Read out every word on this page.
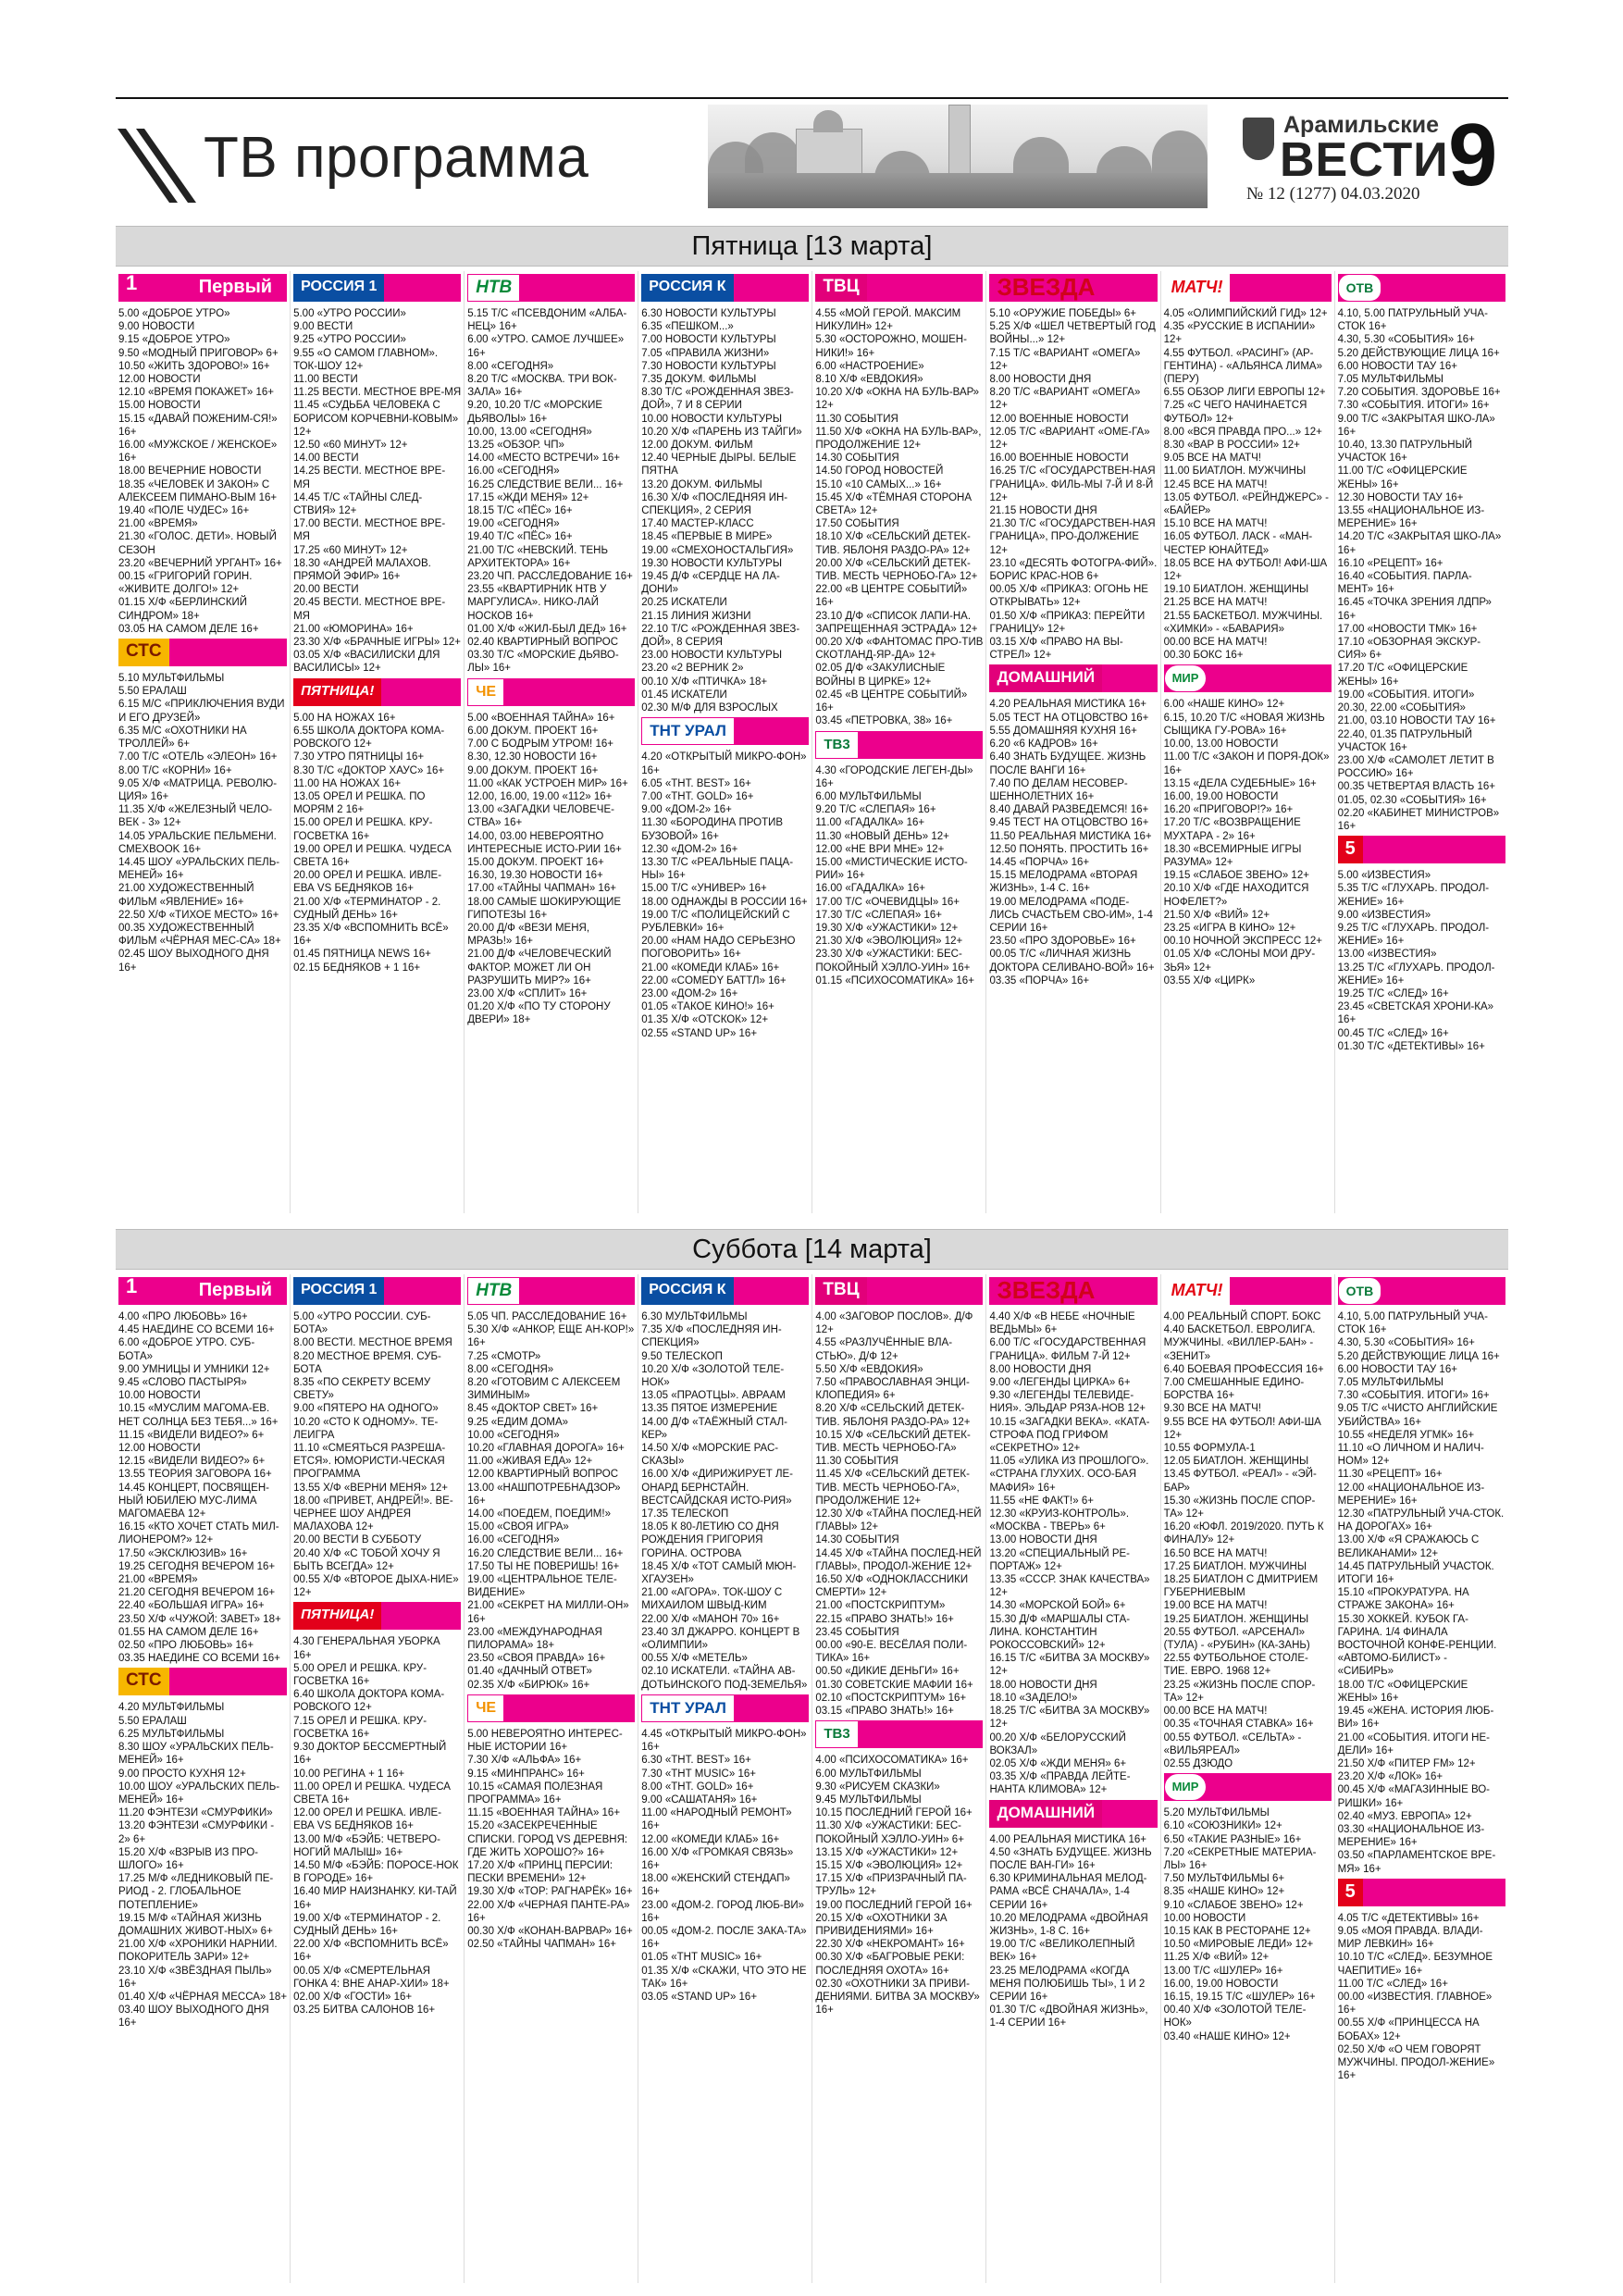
ТВ программа
Арамильские
ВЕСТИ
№ 12 (1277) 04.03.2020 9
Пятница [13 марта]
1	Первый
5.00 «ДОБРОЕ УТРО»
9.00 НОВОСТИ
9.15 «ДОБРОЕ УТРО»
9.50 «МОДНЫЙ ПРИГОВОР» 6+
10.50 «ЖИТЬ ЗДОРОВО!» 16+
12.00 НОВОСТИ
12.10 «ВРЕМЯ ПОКАЖЕТ» 16+
15.00 НОВОСТИ
15.15 «ДАВАЙ ПОЖЕНИМ-СЯ!» 16+
16.00 «МУЖСКОЕ / ЖЕНСКОЕ» 16+
18.00 ВЕЧЕРНИЕ НОВОСТИ
18.35 «ЧЕЛОВЕК И ЗАКОН» С АЛЕКСЕЕМ ПИМАНО-ВЫМ 16+
19.40 «ПОЛЕ ЧУДЕС» 16+
21.00 «ВРЕМЯ»
21.30 «ГОЛОС. ДЕТИ». НОВЫЙ СЕЗОН
23.20 «ВЕЧЕРНИЙ УРГАНТ» 16+
00.15 «ГРИГОРИЙ ГОРИН. «ЖИВИТЕ ДОЛГО!» 12+
01.15 Х/Ф «БЕРЛИНСКИЙ СИНДРОМ» 18+
03.05 НА САМОМ ДЕЛЕ 16+
СТС
5.10 МУЛЬТФИЛЬМЫ
5.50 ЕРАЛАШ
6.15 М/С «ПРИКЛЮЧЕНИЯ ВУДИ И ЕГО ДРУЗЕЙ»
6.35 М/С «ОХОТНИКИ НА ТРОЛЛЕЙ» 6+
7.00 Т/С «ОТЕЛЬ «ЭЛЕОН» 16+
8.00 Т/С «КОРНИ» 16+
9.05 Х/Ф «МАТРИЦА. РЕВОЛЮ-ЦИЯ» 16+
11.35 Х/Ф «ЖЕЛЕЗНЫЙ ЧЕЛО-ВЕК - 3» 12+
14.05 УРАЛЬСКИЕ ПЕЛЬМЕНИ. СМЕХBOOK 16+
14.45 ШОУ «УРАЛЬСКИХ ПЕЛЬ-МЕНЕЙ» 16+
21.00 ХУДОЖЕСТВЕННЫЙ ФИЛЬМ «ЯВЛЕНИЕ» 16+
22.50 Х/Ф «ТИХОЕ МЕСТО» 16+
00.35 ХУДОЖЕСТВЕННЫЙ ФИЛЬМ «ЧЁРНАЯ МЕС-СА» 18+
02.45 ШОУ ВЫХОДНОГО ДНЯ 16+
РОССИЯ 1
5.00 «УТРО РОССИИ»
9.00 ВЕСТИ
9.25 «УТРО РОССИИ»
9.55 «О САМОМ ГЛАВНОМ». ТОК-ШОУ 12+
11.00 ВЕСТИ
11.25 ВЕСТИ. МЕСТНОЕ ВРЕ-МЯ
11.45 «СУДЬБА ЧЕЛОВЕКА С БОРИСОМ КОРЧЕВНИ-КОВЫМ» 12+
12.50 «60 МИНУТ» 12+
14.00 ВЕСТИ
14.25 ВЕСТИ. МЕСТНОЕ ВРЕ-МЯ
14.45 Т/С «ТАЙНЫ СЛЕД-СТВИЯ» 12+
17.00 ВЕСТИ. МЕСТНОЕ ВРЕ-МЯ
17.25 «60 МИНУТ» 12+
18.30 «АНДРЕЙ МАЛАХОВ. ПРЯМОЙ ЭФИР» 16+
20.00 ВЕСТИ
20.45 ВЕСТИ. МЕСТНОЕ ВРЕ-МЯ
21.00 «ЮМОРИНА» 16+
23.30 Х/Ф «БРАЧНЫЕ ИГРЫ» 12+
03.05 Х/Ф «ВАСИЛИСКИ ДЛЯ ВАСИЛИСЫ» 12+
ПЯТНИЦА!
5.00 НА НОЖАХ 16+
6.55 ШКОЛА ДОКТОРА КОМА-РОВСКОГО 12+
7.30 УТРО ПЯТНИЦЫ 16+
8.30 Т/С «ДОКТОР ХАУС» 16+
11.00 НА НОЖАХ 16+
13.05 ОРЕЛ И РЕШКА. ПО МОРЯМ 2 16+
15.00 ОРЕЛ И РЕШКА. КРУ-ГОСВЕТКА 16+
19.00 ОРЕЛ И РЕШКА. ЧУДЕСА СВЕТА 16+
20.00 ОРЕЛ И РЕШКА. ИВЛЕ-ЕВА VS БЕДНЯКОВ 16+
21.00 Х/Ф «ТЕРМИНАТОР - 2. СУДНЫЙ ДЕНЬ» 16+
23.35 Х/Ф «ВСПОМНИТЬ ВСЁ» 16+
01.45 ПЯТНИЦА NEWS 16+
02.15 БЕДНЯКОВ + 1 16+
НТВ
5.15 Т/С «ПСЕВДОНИМ «АЛБА-НЕЦ» 16+
6.00 «УТРО. САМОЕ ЛУЧШЕЕ» 16+
8.00 «СЕГОДНЯ»
8.20 Т/С «МОСКВА. ТРИ ВОК-ЗАЛА» 16+
9.20, 10.20 Т/С «МОРСКИЕ ДЬЯВОЛЫ» 16+
10.00, 13.00 «СЕГОДНЯ»
13.25 «ОБЗОР. ЧП»
14.00 «МЕСТО ВСТРЕЧИ» 16+
16.00 «СЕГОДНЯ»
16.25 СЛЕДСТВИЕ ВЕЛИ... 16+
17.15 «ЖДИ МЕНЯ» 12+
18.15 Т/С «ПЁС» 16+
19.00 «СЕГОДНЯ»
19.40 Т/С «ПЁС» 16+
21.00 Т/С «НЕВСКИЙ. ТЕНЬ АРХИТЕКТОРА» 16+
23.20 ЧП. РАССЛЕДОВАНИЕ 16+
23.55 «КВАРТИРНИК НТВ У МАРГУЛИСА». НИКО-ЛАЙ НОСКОВ 16+
01.00 Х/Ф «ЖИЛ-БЫЛ ДЕД» 16+
02.40 КВАРТИРНЫЙ ВОПРОС
03.30 Т/С «МОРСКИЕ ДЬЯВО-ЛЫ» 16+
ЧЕ
5.00 «ВОЕННАЯ ТАЙНА» 16+
6.00 ДОКУМ. ПРОЕКТ 16+
7.00 С БОДРЫМ УТРОМ! 16+
8.30, 12.30 НОВОСТИ 16+
9.00 ДОКУМ. ПРОЕКТ 16+
11.00 «КАК УСТРОЕН МИР» 16+
12.00, 16.00, 19.00 «112» 16+
13.00 «ЗАГАДКИ ЧЕЛОВЕЧЕ-СТВА» 16+
14.00, 03.00 НЕВЕРОЯТНО ИНТЕРЕСНЫЕ ИСТО-РИИ 16+
15.00 ДОКУМ. ПРОЕКТ 16+
16.30, 19.30 НОВОСТИ 16+
17.00 «ТАЙНЫ ЧАПМАН» 16+
18.00 САМЫЕ ШОКИРУЮЩИЕ ГИПОТЕЗЫ 16+
20.00 Д/Ф «ВЕЗИ МЕНЯ, МРАЗЬ!» 16+
21.00 Д/Ф «ЧЕЛОВЕЧЕСКИЙ ФАКТОР. МОЖЕТ ЛИ ОН РАЗРУШИТЬ МИР?» 16+
23.00 Х/Ф «СПЛИТ» 16+
01.20 Х/Ф «ПО ТУ СТОРОНУ ДВЕРИ» 18+
РОССИЯ К
6.30 НОВОСТИ КУЛЬТУРЫ
6.35 «ПЕШКОМ...»
7.00 НОВОСТИ КУЛЬТУРЫ
7.05 «ПРАВИЛА ЖИЗНИ»
7.30 НОВОСТИ КУЛЬТУРЫ
7.35 ДОКУМ. ФИЛЬМЫ
8.30 Т/С «РОЖДЕННАЯ ЗВЕЗ-ДОЙ», 7 И 8 СЕРИИ
10.00 НОВОСТИ КУЛЬТУРЫ
10.20 Х/Ф «ПАРЕНЬ ИЗ ТАЙГИ»
12.00 ДОКУМ. ФИЛЬМ
12.40 ЧЕРНЫЕ ДЫРЫ. БЕЛЫЕ ПЯТНА
13.20 ДОКУМ. ФИЛЬМЫ
16.30 Х/Ф «ПОСЛЕДНЯЯ ИН-СПЕКЦИЯ», 2 СЕРИЯ
17.40 МАСТЕР-КЛАСС
18.45 «ПЕРВЫЕ В МИРЕ»
19.00 «СМЕХОНОСТАЛЬГИЯ»
19.30 НОВОСТИ КУЛЬТУРЫ
19.45 Д/Ф «СЕРДЦЕ НА ЛА-ДОНИ»
20.25 ИСКАТЕЛИ
21.15 ЛИНИЯ ЖИЗНИ
22.10 Т/С «РОЖДЕННАЯ ЗВЕЗ-ДОЙ», 8 СЕРИЯ
23.00 НОВОСТИ КУЛЬТУРЫ
23.20 «2 ВЕРНИК 2»
00.10 Х/Ф «ПТИЧКА» 18+
01.45 ИСКАТЕЛИ
02.30 М/Ф ДЛЯ ВЗРОСЛЫХ
ТНТ УРАЛ
4.20 «ОТКРЫТЫЙ МИКРО-ФОН» 16+
6.05 «ТНТ. BEST» 16+
7.00 «ТНТ. GOLD» 16+
9.00 «ДОМ-2» 16+
11.30 «БОРОДИНА ПРОТИВ БУЗОВОЙ» 16+
12.30 «ДОМ-2» 16+
13.30 Т/С «РЕАЛЬНЫЕ ПАЦА-НЫ» 16+
15.00 Т/С «УНИВЕР» 16+
18.00 ОДНАЖДЫ В РОССИИ 16+
19.00 Т/С «ПОЛИЦЕЙСКИЙ С РУБЛЕВКИ» 16+
20.00 «НАМ НАДО СЕРЬЕЗНО ПОГОВОРИТЬ» 16+
21.00 «КОМЕДИ КЛАБ» 16+
22.00 «COMEDY БАТТЛ» 16+
23.00 «ДОМ-2» 16+
01.05 «ТАКОЕ КИНО!» 16+
01.35 Х/Ф «ОТСКОК» 12+
02.55 «STAND UP» 16+
ТВЦ
4.55 «МОЙ ГЕРОЙ. МАКСИМ НИКУЛИН» 12+
5.30 «ОСТОРОЖНО, МОШЕН-НИКИ!» 16+
6.00 «НАСТРОЕНИЕ»
8.10 Х/Ф «ЕВДОКИЯ»
10.20 Х/Ф «ОКНА НА БУЛЬ-ВАР» 12+
11.30 СОБЫТИЯ
11.50 Х/Ф «ОКНА НА БУЛЬ-ВАР», ПРОДОЛЖЕНИЕ 12+
14.30 СОБЫТИЯ
14.50 ГОРОД НОВОСТЕЙ
15.10 «10 САМЫХ...» 16+
15.45 Х/Ф «ТЁМНАЯ СТОРОНА СВЕТА» 12+
17.50 СОБЫТИЯ
18.10 Х/Ф «СЕЛЬСКИЙ ДЕТЕК-ТИВ. ЯБЛОНЯ РАЗДО-РА» 12+
20.00 Х/Ф «СЕЛЬСКИЙ ДЕТЕК-ТИВ. МЕСТЬ ЧЕРНОБО-ГА» 12+
22.00 «В ЦЕНТРЕ СОБЫТИЙ» 16+
23.10 Д/Ф «СПИСОК ЛАПИ-НА. ЗАПРЕЩЕННАЯ ЭСТРАДА» 12+
00.20 Х/Ф «ФАНТОМАС ПРО-ТИВ СКОТЛАНД-ЯР-ДА» 12+
02.05 Д/Ф «ЗАКУЛИСНЫЕ ВОЙНЫ В ЦИРКЕ» 12+
02.45 «В ЦЕНТРЕ СОБЫТИЙ» 16+
03.45 «ПЕТРОВКА, 38» 16+
ТВ3
4.30 «ГОРОДСКИЕ ЛЕГЕН-ДЫ» 16+
6.00 МУЛЬТФИЛЬМЫ
9.20 Т/С «СЛЕПАЯ» 16+
11.00 «ГАДАЛКА» 16+
11.30 «НОВЫЙ ДЕНЬ» 12+
12.00 «НЕ ВРИ МНЕ» 12+
15.00 «МИСТИЧЕСКИЕ ИСТО-РИИ» 16+
16.00 «ГАДАЛКА» 16+
17.00 Т/С «ОЧЕВИДЦЫ» 16+
17.30 Т/С «СЛЕПАЯ» 16+
19.30 Х/Ф «УЖАСТИКИ» 12+
21.30 Х/Ф «ЭВОЛЮЦИЯ» 12+
23.30 Х/Ф «УЖАСТИКИ: БЕС-ПОКОЙНЫЙ ХЭЛЛО-УИН» 16+
01.15 «ПСИХОСОМАТИКА» 16+
ЗВЕЗДА
5.10 «ОРУЖИЕ ПОБЕДЫ» 6+
5.25 Х/Ф «ШЕЛ ЧЕТВЕРТЫЙ ГОД ВОЙНЫ...» 12+
7.15 Т/С «ВАРИАНТ «ОМЕГА» 12+
8.00 НОВОСТИ ДНЯ
8.20 Т/С «ВАРИАНТ «ОМЕГА» 12+
12.00 ВОЕННЫЕ НОВОСТИ
12.05 Т/С «ВАРИАНТ «ОМЕ-ГА» 12+
16.00 ВОЕННЫЕ НОВОСТИ
16.25 Т/С «ГОСУДАРСТВЕН-НАЯ ГРАНИЦА». ФИЛЬ-МЫ 7-Й И 8-Й 12+
21.15 НОВОСТИ ДНЯ
21.30 Т/С «ГОСУДАРСТВЕН-НАЯ ГРАНИЦА», ПРО-ДОЛЖЕНИЕ 12+
23.10 «ДЕСЯТЬ ФОТОГРА-ФИЙ». БОРИС КРАС-НОВ 6+
00.05 Х/Ф «ПРИКАЗ: ОГОНЬ НЕ ОТКРЫВАТЬ» 12+
01.50 Х/Ф «ПРИКАЗ: ПЕРЕЙТИ ГРАНИЦУ» 12+
03.15 Х/Ф «ПРАВО НА ВЫ-СТРЕЛ» 12+
ДОМАШНИЙ
4.20 РЕАЛЬНАЯ МИСТИКА 16+
5.05 ТЕСТ НА ОТЦОВСТВО 16+
5.55 ДОМАШНЯЯ КУХНЯ 16+
6.20 «6 КАДРОВ» 16+
6.40 ЗНАТЬ БУДУЩЕЕ. ЖИЗНЬ ПОСЛЕ ВАНГИ 16+
7.40 ПО ДЕЛАМ НЕСОВЕР-ШЕННОЛЕТНИХ 16+
8.40 ДАВАЙ РАЗВЕДЕМСЯ! 16+
9.45 ТЕСТ НА ОТЦОВСТВО 16+
11.50 РЕАЛЬНАЯ МИСТИКА 16+
12.50 ПОНЯТЬ. ПРОСТИТЬ 16+
14.45 «ПОРЧА» 16+
15.15 МЕЛОДРАМА «ВТОРАЯ ЖИЗНЬ», 1-4 С. 16+
19.00 МЕЛОДРАМА «ПОДЕ-ЛИСЬ СЧАСТЬЕМ СВО-ИМ», 1-4 СЕРИИ 16+
23.50 «ПРО ЗДОРОВЬЕ» 16+
00.05 Т/С «ЛИЧНАЯ ЖИЗНЬ ДОКТОРА СЕЛИВАНО-ВОЙ» 16+
03.35 «ПОРЧА» 16+
МАТЧ!
4.05 «ОЛИМПИЙСКИЙ ГИД» 12+
4.35 «РУССКИЕ В ИСПАНИИ» 12+
4.55 ФУТБОЛ. «РАСИНГ» (АР-ГЕНТИНА) - «АЛЬЯНСА ЛИМА» (ПЕРУ)
6.55 ОБЗОР ЛИГИ ЕВРОПЫ 12+
7.25 «С ЧЕГО НАЧИНАЕТСЯ ФУТБОЛ» 12+
8.00 «ВСЯ ПРАВДА ПРО...» 12+
8.30 «ВАР В РОССИИ» 12+
9.05 ВСЕ НА МАТЧ!
11.00 БИАТЛОН. МУЖЧИНЫ
12.45 ВСЕ НА МАТЧ!
13.05 ФУТБОЛ. «РЕЙНДЖЕРС» - «БАЙЕР»
15.10 ВСЕ НА МАТЧ!
16.05 ФУТБОЛ. ЛАСК - «МАН-ЧЕСТЕР ЮНАЙТЕД»
18.05 ВСЕ НА ФУТБОЛ! АФИ-ША 12+
19.10 БИАТЛОН. ЖЕНЩИНЫ
21.25 ВСЕ НА МАТЧ!
21.55 БАСКЕТБОЛ. МУЖЧИНЫ. «ХИМКИ» - «БАВАРИЯ»
00.00 ВСЕ НА МАТЧ!
00.30 БОКС 16+
МИР
6.00 «НАШЕ КИНО» 12+
6.15, 10.20 Т/С «НОВАЯ ЖИЗНЬ СЫЩИКА ГУ-РОВА» 16+
10.00, 13.00 НОВОСТИ
11.00 Т/С «ЗАКОН И ПОРЯ-ДОК» 16+
13.15 «ДЕЛА СУДЕБНЫЕ» 16+
16.00, 19.00 НОВОСТИ
16.20 «ПРИГОВОР!?» 16+
17.20 Т/С «ВОЗВРАЩЕНИЕ МУХТАРА - 2» 16+
18.30 «ВСЕМИРНЫЕ ИГРЫ РАЗУМА» 12+
19.15 «СЛАБОЕ ЗВЕНО» 12+
20.10 Х/Ф «ГДЕ НАХОДИТСЯ НОФЕЛЕТ?»
21.50 Х/Ф «ВИЙ» 12+
23.25 «ИГРА В КИНО» 12+
00.10 НОЧНОЙ ЭКСПРЕСС 12+
01.05 Х/Ф «СЛОНЫ МОИ ДРУ-ЗЬЯ» 12+
03.55 Х/Ф «ЦИРК»
ОТВ
4.10, 5.00 ПАТРУЛЬНЫЙ УЧА-СТОК 16+
4.30, 5.30 «СОБЫТИЯ» 16+
5.20 ДЕЙСТВУЮЩИЕ ЛИЦА 16+
6.00 НОВОСТИ ТАУ 16+
7.05 МУЛЬТФИЛЬМЫ
7.20 СОБЫТИЯ. ЗДОРОВЬЕ 16+
7.30 «СОБЫТИЯ. ИТОГИ» 16+
9.00 Т/С «ЗАКРЫТАЯ ШКО-ЛА» 16+
10.40, 13.30 ПАТРУЛЬНЫЙ УЧАСТОК 16+
11.00 Т/С «ОФИЦЕРСКИЕ ЖЕНЫ» 16+
12.30 НОВОСТИ ТАУ 16+
13.55 «НАЦИОНАЛЬНОЕ ИЗ-МЕРЕНИЕ» 16+
14.20 Т/С «ЗАКРЫТАЯ ШКО-ЛА» 16+
16.10 «РЕЦЕПТ» 16+
16.40 «СОБЫТИЯ. ПАРЛА-МЕНТ» 16+
16.45 «ТОЧКА ЗРЕНИЯ ЛДПР» 16+
17.00 «НОВОСТИ ТМК» 16+
17.10 «ОБЗОРНАЯ ЭКСКУР-СИЯ» 6+
17.20 Т/С «ОФИЦЕРСКИЕ ЖЕНЫ» 16+
19.00 «СОБЫТИЯ. ИТОГИ»
20.30, 22.00 «СОБЫТИЯ»
21.00, 03.10 НОВОСТИ ТАУ 16+
22.40, 01.35 ПАТРУЛЬНЫЙ УЧАСТОК 16+
23.00 Х/Ф «САМОЛЕТ ЛЕТИТ В РОССИЮ» 16+
00.35 ЧЕТВЕРТАЯ ВЛАСТЬ 16+
01.05, 02.30 «СОБЫТИЯ» 16+
02.20 «КАБИНЕТ МИНИСТРОВ» 16+
5
5.00 «ИЗВЕСТИЯ»
5.35 Т/С «ГЛУХАРЬ. ПРОДОЛ-ЖЕНИЕ» 16+
9.00 «ИЗВЕСТИЯ»
9.25 Т/С «ГЛУХАРЬ. ПРОДОЛ-ЖЕНИЕ» 16+
13.00 «ИЗВЕСТИЯ»
13.25 Т/С «ГЛУХАРЬ. ПРОДОЛ-ЖЕНИЕ» 16+
19.25 Т/С «СЛЕД» 16+
23.45 «СВЕТСКАЯ ХРОНИ-КА» 16+
00.45 Т/С «СЛЕД» 16+
01.30 Т/С «ДЕТЕКТИВЫ» 16+
Суббота [14 марта]
1	Первый
4.00 «ПРО ЛЮБОВЬ» 16+
4.45 НАЕДИНЕ СО ВСЕМИ 16+
6.00 «ДОБРОЕ УТРО. СУБ-БОТА»
9.00 УМНИЦЫ И УМНИКИ 12+
9.45 «СЛОВО ПАСТЫРЯ»
10.00 НОВОСТИ
10.15 «МУСЛИМ МАГОМА-ЕВ. НЕТ СОЛНЦА БЕЗ ТЕБЯ...» 16+
11.15 «ВИДЕЛИ ВИДЕО?» 6+
12.00 НОВОСТИ
12.15 «ВИДЕЛИ ВИДЕО?» 6+
13.55 ТЕОРИЯ ЗАГОВОРА 16+
14.45 КОНЦЕРТ, ПОСВЯЩЕН-НЫЙ ЮБИЛЕЮ МУС-ЛИМА МАГОМАЕВА 12+
16.15 «КТО ХОЧЕТ СТАТЬ МИЛ-ЛИОНЕРОМ?» 12+
17.50 «ЭКСКЛЮЗИВ» 16+
19.25 СЕГОДНЯ ВЕЧЕРОМ 16+
21.00 «ВРЕМЯ»
21.20 СЕГОДНЯ ВЕЧЕРОМ 16+
22.40 «БОЛЬШАЯ ИГРА» 16+
23.50 Х/Ф «ЧУЖОЙ: ЗАВЕТ» 18+
01.55 НА САМОМ ДЕЛЕ 16+
02.50 «ПРО ЛЮБОВЬ» 16+
03.35 НАЕДИНЕ СО ВСЕМИ 16+
СТС
4.20 МУЛЬТФИЛЬМЫ
5.50 ЕРАЛАШ
6.25 МУЛЬТФИЛЬМЫ
8.30 ШОУ «УРАЛЬСКИХ ПЕЛЬ-МЕНЕЙ» 16+
9.00 ПРОСТО КУХНЯ 12+
10.00 ШОУ «УРАЛЬСКИХ ПЕЛЬ-МЕНЕЙ» 16+
11.20 ФЭНТЕЗИ «СМУРФИКИ»
13.20 ФЭНТЕЗИ «СМУРФИКИ - 2» 6+
15.20 Х/Ф «ВЗРЫВ ИЗ ПРО-ШЛОГО» 16+
17.25 М/Ф «ЛЕДНИКОВЫЙ ПЕ-РИОД - 2. ГЛОБАЛЬНОЕ ПОТЕПЛЕНИЕ»
19.15 М/Ф «ТАЙНАЯ ЖИЗНЬ ДОМАШНИХ ЖИВОТ-НЫХ» 6+
21.00 Х/Ф «ХРОНИКИ НАРНИИ. ПОКОРИТЕЛЬ ЗАРИ» 12+
23.10 Х/Ф «ЗВЁЗДНАЯ ПЫЛЬ» 16+
01.40 Х/Ф «ЧЁРНАЯ МЕССА» 18+
03.40 ШОУ ВЫХОДНОГО ДНЯ 16+
РОССИЯ 1
5.00 «УТРО РОССИИ. СУБ-БОТА»
8.00 ВЕСТИ. МЕСТНОЕ ВРЕМЯ
8.20 МЕСТНОЕ ВРЕМЯ. СУБ-БОТА
8.35 «ПО СЕКРЕТУ ВСЕМУ СВЕТУ»
9.00 «ПЯТЕРО НА ОДНОГО»
10.20 «СТО К ОДНОМУ». ТЕ-ЛЕИГРА
11.10 «СМЕЯТЬСЯ РАЗРЕША-ЕТСЯ». ЮМОРИСТИ-ЧЕСКАЯ ПРОГРАММА
13.55 Х/Ф «ВЕРНИ МЕНЯ» 12+
18.00 «ПРИВЕТ, АНДРЕЙ!». ВЕ-ЧЕРНЕЕ ШОУ АНДРЕЯ МАЛАХОВА 12+
20.00 ВЕСТИ В СУББОТУ
20.40 Х/Ф «С ТОБОЙ ХОЧУ Я БЫТЬ ВСЕГДА» 12+
00.55 Х/Ф «ВТОРОЕ ДЫХА-НИЕ» 12+
ПЯТНИЦА!
4.30 ГЕНЕРАЛЬНАЯ УБОРКА 16+
5.00 ОРЕЛ И РЕШКА. КРУ-ГОСВЕТКА 16+
6.40 ШКОЛА ДОКТОРА КОМА-РОВСКОГО 12+
7.15 ОРЕЛ И РЕШКА. КРУ-ГОСВЕТКА 16+
9.30 ДОКТОР БЕССМЕРТНЫЙ 16+
10.00 РЕГИНА + 1 16+
11.00 ОРЕЛ И РЕШКА. ЧУДЕСА СВЕТА 16+
12.00 ОРЕЛ И РЕШКА. ИВЛЕ-ЕВА VS БЕДНЯКОВ 16+
13.00 М/Ф «БЭЙБ: ЧЕТВЕРО-НОГИЙ МАЛЫШ» 16+
14.50 М/Ф «БЭЙБ: ПОРОСЕ-НОК В ГОРОДЕ» 16+
16.40 МИР НАИЗНАНКУ. КИ-ТАЙ 16+
19.00 Х/Ф «ТЕРМИНАТОР - 2. СУДНЫЙ ДЕНЬ» 16+
22.00 Х/Ф «ВСПОМНИТЬ ВСЁ» 16+
00.05 Х/Ф «СМЕРТЕЛЬНАЯ ГОНКА 4: ВНЕ АНАР-ХИИ» 18+
02.00 Х/Ф «ГОСТИ» 16+
03.25 БИТВА САЛОНОВ 16+
НТВ
5.05 ЧП. РАССЛЕДОВАНИЕ 16+
5.30 Х/Ф «АНКОР, ЕЩЕ АН-КОР!» 16+
7.25 «СМОТР»
8.00 «СЕГОДНЯ»
8.20 «ГОТОВИМ С АЛЕКСЕЕМ ЗИМИНЫМ»
8.45 «ДОКТОР СВЕТ» 16+
9.25 «ЕДИМ ДОМА»
10.00 «СЕГОДНЯ»
10.20 «ГЛАВНАЯ ДОРОГА» 16+
11.00 «ЖИВАЯ ЕДА» 12+
12.00 КВАРТИРНЫЙ ВОПРОС
13.00 «НАШПОТРЕБНАДЗОР» 16+
14.00 «ПОЕДЕМ, ПОЕДИМ!»
15.00 «СВОЯ ИГРА»
16.00 «СЕГОДНЯ»
16.20 СЛЕДСТВИЕ ВЕЛИ... 16+
17.50 ТЫ НЕ ПОВЕРИШЬ! 16+
19.00 «ЦЕНТРАЛЬНОЕ ТЕЛЕ-ВИДЕНИЕ»
21.00 «СЕКРЕТ НА МИЛЛИ-ОН» 16+
23.00 «МЕЖДУНАРОДНАЯ ПИЛОРАМА» 18+
23.50 «СВОЯ ПРАВДА» 16+
01.40 «ДАЧНЫЙ ОТВЕТ»
02.35 Х/Ф «БИРЮК» 16+
ЧЕ
5.00 НЕВЕРОЯТНО ИНТЕРЕС-НЫЕ ИСТОРИИ 16+
7.30 Х/Ф «АЛЬФА» 16+
9.15 «МИНПРАНС» 16+
10.15 «САМАЯ ПОЛЕЗНАЯ ПРОГРАММА» 16+
11.15 «ВОЕННАЯ ТАЙНА» 16+
15.20 «ЗАСЕКРЕЧЕННЫЕ СПИСКИ. ГОРОД VS ДЕРЕВНЯ: ГДЕ ЖИТЬ ХОРОШО?» 16+
17.20 Х/Ф «ПРИНЦ ПЕРСИИ: ПЕСКИ ВРЕМЕНИ» 12+
19.30 Х/Ф «ТОР: РАГНАРЁК» 16+
22.00 Х/Ф «ЧЕРНАЯ ПАНТЕ-РА» 16+
00.30 Х/Ф «КОНАН-ВАРВАР» 16+
02.50 «ТАЙНЫ ЧАПМАН» 16+
РОССИЯ К
6.30 МУЛЬТФИЛЬМЫ
7.35 Х/Ф «ПОСЛЕДНЯЯ ИН-СПЕКЦИЯ»
9.50 ТЕЛЕСКОП
10.20 Х/Ф «ЗОЛОТОЙ ТЕЛЕ-НОК»
13.05 «ПРАОТЦЫ». АВРААМ
13.35 ПЯТОЕ ИЗМЕРЕНИЕ
14.00 Д/Ф «ТАЁЖНЫЙ СТАЛ-КЕР»
14.50 Х/Ф «МОРСКИЕ РАС-СКАЗЫ»
16.00 Х/Ф «ДИРИЖИРУЕТ ЛЕ-ОНАРД БЕРНСТАЙН. ВЕСТСАЙДСКАЯ ИСТО-РИЯ»
17.35 ТЕЛЕСКОП
18.05 К 80-ЛЕТИЮ СО ДНЯ РОЖДЕНИЯ ГРИГОРИЯ ГОРИНА. ОСТРОВА
18.45 Х/Ф «ТОТ САМЫЙ МЮН-ХГАУЗЕН»
21.00 «АГОРА». ТОК-ШОУ С МИХАИЛОМ ШВЫД-КИМ
22.00 Х/Ф «МАНОН 70» 16+
23.40 ЗЛ ДЖАРРО. КОНЦЕРТ В «ОЛИМПИИ»
00.55 Х/Ф «МЕТЕЛЬ»
02.10 ИСКАТЕЛИ. «ТАЙНА АВ-ДОТЬИНСКОГО ПОД-ЗЕМЕЛЬЯ»
ТНТ УРАЛ
4.45 «ОТКРЫТЫЙ МИКРО-ФОН» 16+
6.30 «ТНТ. BEST» 16+
7.30 «ТНТ MUSIC» 16+
8.00 «ТНТ. GOLD» 16+
9.00 «САШАТАНЯ» 16+
11.00 «НАРОДНЫЙ РЕМОНТ» 16+
12.00 «КОМЕДИ КЛАБ» 16+
16.00 Х/Ф «ГРОМКАЯ СВЯЗЬ» 16+
18.00 «ЖЕНСКИЙ СТЕНДАП» 16+
23.00 «ДОМ-2. ГОРОД ЛЮБ-ВИ» 16+
00.05 «ДОМ-2. ПОСЛЕ ЗАКА-ТА» 16+
01.05 «ТНТ MUSIC» 16+
01.35 Х/Ф «СКАЖИ, ЧТО ЭТО НЕ ТАК» 16+
03.05 «STAND UP» 16+
ТВЦ
4.00 «ЗАГОВОР ПОСЛОВ». Д/Ф 12+
4.55 «РАЗЛУЧЁННЫЕ ВЛА-СТЬЮ». Д/Ф 12+
5.50 Х/Ф «ЕВДОКИЯ»
7.50 «ПРАВОСЛАВНАЯ ЭНЦИ-КЛОПЕДИЯ» 6+
8.20 Х/Ф «СЕЛЬСКИЙ ДЕТЕК-ТИВ. ЯБЛОНЯ РАЗДО-РА» 12+
10.15 Х/Ф «СЕЛЬСКИЙ ДЕТЕК-ТИВ. МЕСТЬ ЧЕРНОБО-ГА»
11.30 СОБЫТИЯ
11.45 Х/Ф «СЕЛЬСКИЙ ДЕТЕК-ТИВ. МЕСТЬ ЧЕРНОБО-ГА», ПРОДОЛЖЕНИЕ 12+
12.30 Х/Ф «ТАЙНА ПОСЛЕД-НЕЙ ГЛАВЫ» 12+
14.30 СОБЫТИЯ
14.45 Х/Ф «ТАЙНА ПОСЛЕД-НЕЙ ГЛАВЫ», ПРОДОЛ-ЖЕНИЕ 12+
16.50 Х/Ф «ОДНОКЛАССНИКИ СМЕРТИ» 12+
21.00 «ПОСТСКРИПТУМ»
22.15 «ПРАВО ЗНАТЬ!» 16+
23.45 СОБЫТИЯ
00.00 «90-Е. ВЕСЁЛАЯ ПОЛИ-ТИКА» 16+
00.50 «ДИКИЕ ДЕНЬГИ» 16+
01.30 СОВЕТСКИЕ МАФИИ 16+
02.10 «ПОСТСКРИПТУМ» 16+
03.15 «ПРАВО ЗНАТЬ!» 16+
ТВ3
4.00 «ПСИХОСОМАТИКА» 16+
6.00 МУЛЬТФИЛЬМЫ
9.30 «РИСУЕМ СКАЗКИ»
9.45 МУЛЬТФИЛЬМЫ
10.15 ПОСЛЕДНИЙ ГЕРОЙ 16+
11.30 Х/Ф «УЖАСТИКИ: БЕС-ПОКОЙНЫЙ ХЭЛЛО-УИН» 6+
13.15 Х/Ф «УЖАСТИКИ» 12+
15.15 Х/Ф «ЭВОЛЮЦИЯ» 12+
17.15 Х/Ф «ПРИЗРАЧНЫЙ ПА-ТРУЛЬ» 12+
19.00 ПОСЛЕДНИЙ ГЕРОЙ 16+
20.15 Х/Ф «ОХОТНИКИ ЗА ПРИВИДЕНИЯМИ» 16+
22.30 Х/Ф «НЕКРОМАНТ» 16+
00.30 Х/Ф «БАГРОВЫЕ РЕКИ: ПОСЛЕДНЯЯ ОХОТА» 16+
02.30 «ОХОТНИКИ ЗА ПРИВИ-ДЕНИЯМИ. БИТВА ЗА МОСКВУ» 16+
ЗВЕЗДА
4.40 Х/Ф «В НЕБЕ «НОЧНЫЕ ВЕДЬМЫ» 6+
6.00 Т/С «ГОСУДАРСТВЕННАЯ ГРАНИЦА». ФИЛЬМ 7-Й 12+
8.00 НОВОСТИ ДНЯ
9.00 «ЛЕГЕНДЫ ЦИРКА» 6+
9.30 «ЛЕГЕНДЫ ТЕЛЕВИДЕ-НИЯ». ЭЛЬДАР РЯЗА-НОВ 12+
10.15 «ЗАГАДКИ ВЕКА». «КАТА-СТРОФА ПОД ГРИФОМ «СЕКРЕТНО» 12+
11.05 «УЛИКА ИЗ ПРОШЛОГО». «СТРАНА ГЛУХИХ. ОСО-БАЯ МАФИЯ» 16+
11.55 «НЕ ФАКТ!» 6+
12.30 «КРУИЗ-КОНТРОЛЬ». «МОСКВА - ТВЕРЬ» 6+
13.00 НОВОСТИ ДНЯ
13.20 «СПЕЦИАЛЬНЫЙ РЕ-ПОРТАЖ» 12+
13.35 «СССР. ЗНАК КАЧЕСТВА» 12+
14.30 «МОРСКОЙ БОЙ» 6+
15.30 Д/Ф «МАРШАЛЫ СТА-ЛИНА. КОНСТАНТИН РОКОССОВСКИЙ» 12+
16.15 Т/С «БИТВА ЗА МОСКВУ» 12+
18.00 НОВОСТИ ДНЯ
18.10 «ЗАДЕЛО!»
18.25 Т/С «БИТВА ЗА МОСКВУ» 12+
00.20 Х/Ф «БЕЛОРУССКИЙ ВОКЗАЛ»
02.05 Х/Ф «ЖДИ МЕНЯ» 6+
03.35 Х/Ф «ПРАВДА ЛЕЙТЕ-НАНТА КЛИМОВА» 12+
ДОМАШНИЙ
4.00 РЕАЛЬНАЯ МИСТИКА 16+
4.50 «ЗНАТЬ БУДУЩЕЕ. ЖИЗНЬ ПОСЛЕ ВАН-ГИ» 16+
6.30 КРИМИНАЛЬНАЯ МЕЛОД-РАМА «ВСЁ СНАЧАЛА», 1-4 СЕРИИ 16+
10.20 МЕЛОДРАМА «ДВОЙНАЯ ЖИЗНЬ», 1-8 С. 16+
19.00 Т/С «ВЕЛИКОЛЕПНЫЙ ВЕК» 16+
23.25 МЕЛОДРАМА «КОГДА МЕНЯ ПОЛЮБИШЬ ТЫ», 1 И 2 СЕРИИ 16+
01.30 Т/С «ДВОЙНАЯ ЖИЗНЬ», 1-4 СЕРИИ 16+
МАТЧ!
4.00 РЕАЛЬНЫЙ СПОРТ. БОКС
4.40 БАСКЕТБОЛ. ЕВРОЛИГА. МУЖЧИНЫ. «ВИЛЛЕР-БАН» - «ЗЕНИТ»
6.40 БОЕВАЯ ПРОФЕССИЯ 16+
7.00 СМЕШАННЫЕ ЕДИНО-БОРСТВА 16+
9.30 ВСЕ НА МАТЧ!
9.55 ВСЕ НА ФУТБОЛ! АФИ-ША 12+
10.55 ФОРМУЛА-1
12.05 БИАТЛОН. ЖЕНЩИНЫ
13.45 ФУТБОЛ. «РЕАЛ» - «ЭЙ-БАР»
15.30 «ЖИЗНЬ ПОСЛЕ СПОР-ТА» 12+
16.20 «ЮФЛ. 2019/2020. ПУТЬ К ФИНАЛУ» 12+
16.50 ВСЕ НА МАТЧ!
17.25 БИАТЛОН. МУЖЧИНЫ
18.25 БИАТЛОН С ДМИТРИЕМ ГУБЕРНИЕВЫМ
19.00 ВСЕ НА МАТЧ!
19.25 БИАТЛОН. ЖЕНЩИНЫ
20.55 ФУТБОЛ. «АРСЕНАЛ» (ТУЛА) - «РУБИН» (КА-ЗАНЬ)
22.55 ФУТБОЛЬНОЕ СТОЛЕ-ТИЕ. ЕВРО. 1968 12+
23.25 «ЖИЗНЬ ПОСЛЕ СПОР-ТА» 12+
00.00 ВСЕ НА МАТЧ!
00.35 «ТОЧНАЯ СТАВКА» 16+
00.55 ФУТБОЛ. «СЕЛЬТА» - «ВИЛЬЯРЕАЛ»
02.55 ДЗЮДО
МИР
5.20 МУЛЬТФИЛЬМЫ
6.10 «СОЮЗНИКИ» 12+
6.50 «ТАКИЕ РАЗНЫЕ» 16+
7.20 «СЕКРЕТНЫЕ МАТЕРИА-ЛЫ» 16+
7.50 МУЛЬТФИЛЬМЫ 6+
8.35 «НАШЕ КИНО» 12+
9.10 «СЛАБОЕ ЗВЕНО» 12+
10.00 НОВОСТИ
10.15 КАК В РЕСТОРАНЕ 12+
10.50 «МИРОВЫЕ ЛЕДИ» 12+
11.25 Х/Ф «ВИЙ» 12+
13.00 Т/С «ШУЛЕР» 16+
16.00, 19.00 НОВОСТИ
16.15, 19.15 Т/С «ШУЛЕР» 16+
00.40 Х/Ф «ЗОЛОТОЙ ТЕЛЕ-НОК»
03.40 «НАШЕ КИНО» 12+
ОТВ
4.10, 5.00 ПАТРУЛЬНЫЙ УЧА-СТОК 16+
4.30, 5.30 «СОБЫТИЯ» 16+
5.20 ДЕЙСТВУЮЩИЕ ЛИЦА 16+
6.00 НОВОСТИ ТАУ 16+
7.05 МУЛЬТФИЛЬМЫ
7.30 «СОБЫТИЯ. ИТОГИ» 16+
9.05 Т/С «ЧИСТО АНГЛИЙСКИЕ УБИЙСТВА» 16+
10.55 «НЕДЕЛЯ УГМК» 16+
11.10 «О ЛИЧНОМ И НАЛИЧ-НОМ» 12+
11.30 «РЕЦЕПТ» 16+
12.00 «НАЦИОНАЛЬНОЕ ИЗ-МЕРЕНИЕ» 16+
12.30 «ПАТРУЛЬНЫЙ УЧА-СТОК. НА ДОРОГАХ» 16+
13.00 Х/Ф «Я СРАЖАЮСЬ С ВЕЛИКАНАМИ» 12+
14.45 ПАТРУЛЬНЫЙ УЧАСТОК. ИТОГИ 16+
15.10 «ПРОКУРАТУРА. НА СТРАЖЕ ЗАКОНА» 16+
15.30 ХОККЕЙ. КУБОК ГА-ГАРИНА. 1/4 ФИНАЛА ВОСТОЧНОЙ КОНФЕ-РЕНЦИИ. «АВТОМО-БИЛИСТ» - «СИБИРЬ»
18.00 Т/С «ОФИЦЕРСКИЕ ЖЕНЫ» 16+
19.45 «ЖЕНА. ИСТОРИЯ ЛЮБ-ВИ» 16+
21.00 «СОБЫТИЯ. ИТОГИ НЕ-ДЕЛИ» 16+
21.50 Х/Ф «ПИТЕР FM» 12+
23.20 Х/Ф «ЛОК» 16+
00.45 Х/Ф «МАГАЗИННЫЕ ВО-РИШКИ» 16+
02.40 «МУЗ. ЕВРОПА» 12+
03.30 «НАЦИОНАЛЬНОЕ ИЗ-МЕРЕНИЕ» 16+
03.50 «ПАРЛАМЕНТСКОЕ ВРЕ-МЯ» 16+
5
4.05 Т/С «ДЕТЕКТИВЫ» 16+
9.05 «МОЯ ПРАВДА. ВЛАДИ-МИР ЛЕВКИН» 16+
10.10 Т/С «СЛЕД». БЕЗУМНОЕ ЧАЕПИТИЕ» 16+
11.00 Т/С «СЛЕД» 16+
00.00 «ИЗВЕСТИЯ. ГЛАВНОЕ» 16+
00.55 Х/Ф «ПРИНЦЕССА НА БОБАХ» 12+
02.50 Х/Ф «О ЧЕМ ГОВОРЯТ МУЖЧИНЫ. ПРОДОЛ-ЖЕНИЕ» 16+
